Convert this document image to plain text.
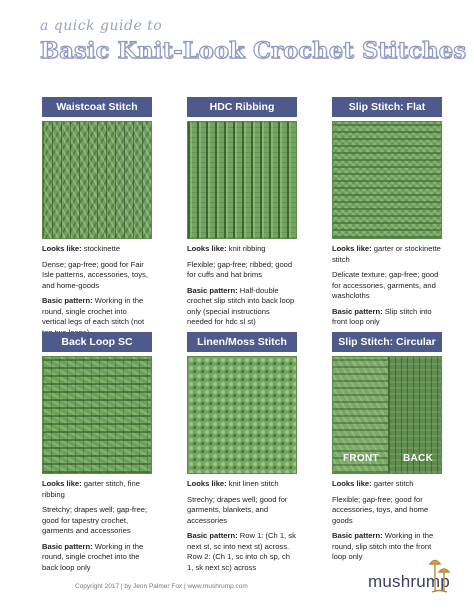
a quick guide to
Basic Knit-Look Crochet Stitches
Waistcoat Stitch

Looks like: stockinette

Dense; gap-free; good for Fair Isle patterns, accessories, toys, and home-goods

Basic pattern: Working in the round, single crochet into vertical legs of each stitch (not

HDC Ribbing

Looks like: knit ribbing

Flexible; gap-free; ribbed; good for cuffs and hat brims

Basic pattern: Half-double crochet slip stitch into back loop only (special instructions needed for hdc sl st)

Slip Stitch: Flat

Looks like: garter or stockinette stitch

Delicate texture; gap-free; good for accessories, garments, and washcloths

Basic pattern: Slip stitch into front loop only

Back Loop SC

Looks like: garter stitch, fine ribbing

Stretchy; drapes well; gap-free; good for tapestry crochet, garments and accessories

Basic pattern: Working in the round, single crochet into the back loop only

Linen/Moss Stitch

Looks like: knit linen stitch

Strechy; drapes well; good for garments, blankets, and accessories

Basic pattern: Row 1: (Ch 1, sk next st, sc into next st) across. Row 2: (Ch 1, sc into ch sp, ch 1, sk next sc) across

Slip Stitch: Circular
FRONT BACK

Looks like: garter stitch

Flexible; gap-free; good for accessories, toys, and home goods

Basic pattern: Working in the round, slip stitch into the front loop only

Copyright 2017 | by Jenn Palmer Fox | www.mushrump.com	mushrump
